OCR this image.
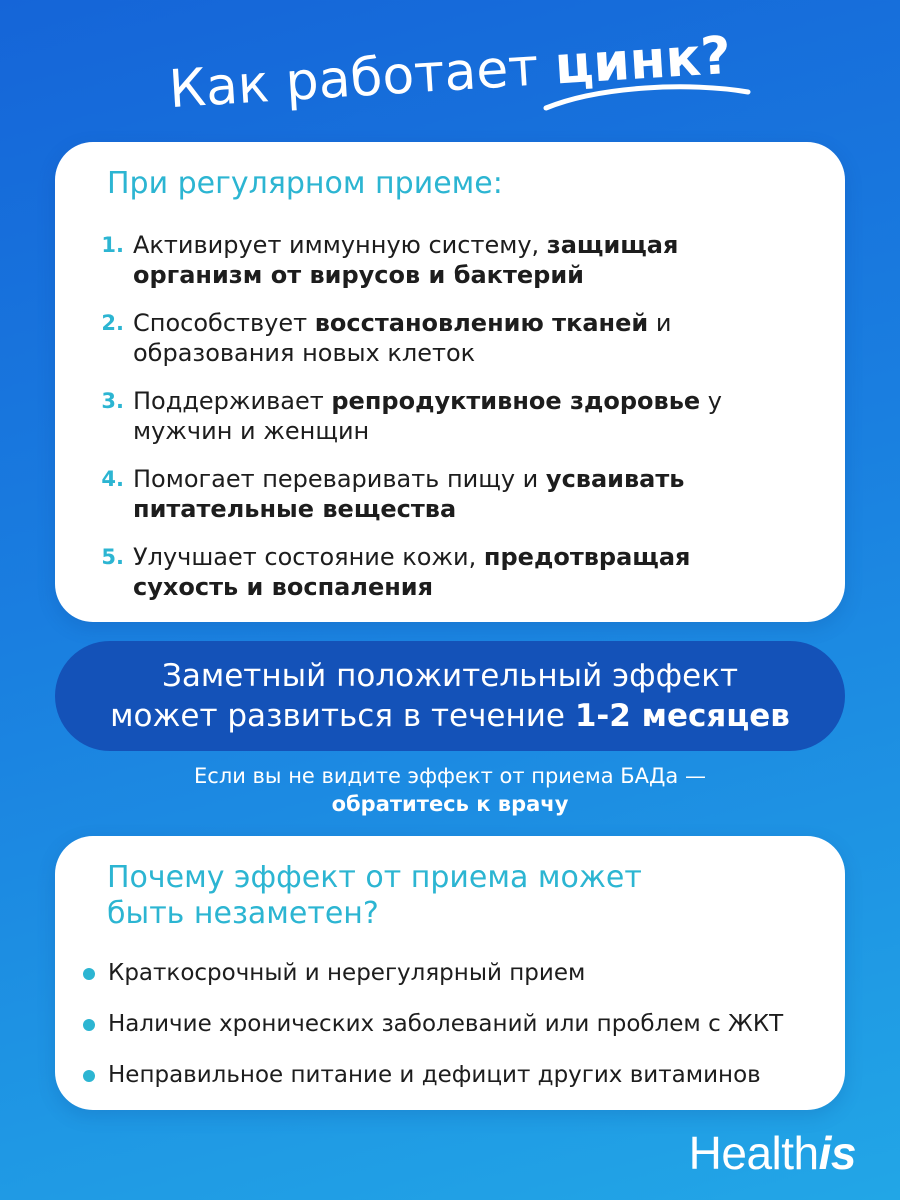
Как работает цинк?
При регулярном приеме:
1. Активирует иммунную систему, защищая организм от вирусов и бактерий
2. Способствует восстановлению тканей и образования новых клеток
3. Поддерживает репродуктивное здоровье у мужчин и женщин
4. Помогает переваривать пищу и усваивать питательные вещества
5. Улучшает состояние кожи, предотвращая сухость и воспаления
Заметный положительный эффект
может развиться в течение 1-2 месяцев
Если вы не видите эффект от приема БАДа —
обратитесь к врачу
Почему эффект от приема может быть незаметен?
Краткосрочный и нерегулярный прием
Наличие хронических заболеваний или проблем с ЖКТ
Неправильное питание и дефицит других витаминов
Healthis
